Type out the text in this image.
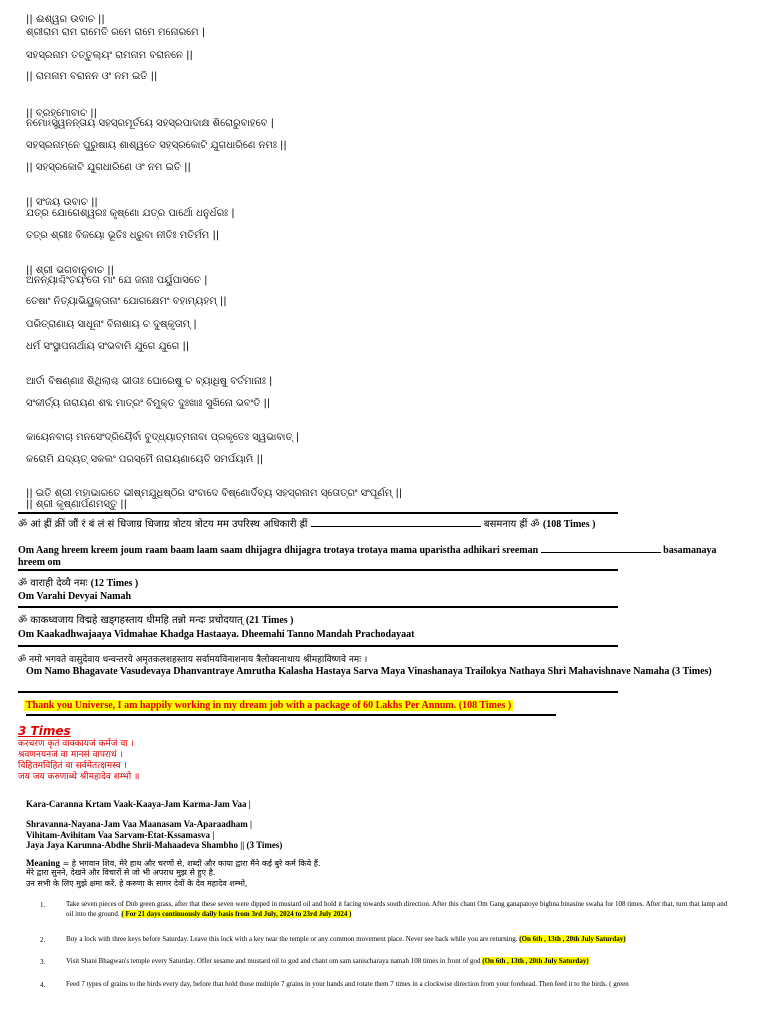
|| ଈଶ୍ୱର ଉବାଚ ||
ଶ୍ରୀରାମ ରାମ ରାମେତି ରମେ ରାମେ ମନୋରମେ |
ସହସ୍ରନାମ ତତ୍ତୁଲ୍ୟଂ ରାମନାମ ବରାନନେ ||
|| ରାମନାମ ବରାନନ ଓଂ ନମ ଇତି ||
|| ବ୍ରହ୍ମୋବାଚ ||
ନମୋଽସ୍ତ୍ୱନନ୍ତାୟ ସହସ୍ରମୂର୍ତୟେ ସହସ୍ରପାଦାକ୍ଷ ଶିରୋରୁବାହବେ |
ସହସ୍ରନାମ୍ନେ ପୁରୁଷାୟ ଶାଶ୍ୱତେ ସହସ୍ରକୋଟି ଯୁଗଧାରିଣେ ନମଃ ||
|| ସହସ୍ରକୋଟି ଯୁଗଧାରିଣେ ଓଂ ନମ ଇତି ||
|| ସଂଜୟ ଉବାଚ ||
ଯତ୍ର ଯୋଗେଶ୍ୱରଃ କୃଷ୍ଣୋ ଯତ୍ର ପାର୍ଥୋ ଧନୁର୍ଧରଃ |
ତତ୍ର ଶ୍ରୀଃ ବିଜୟୋ ଭୂତିଃ ଧ୍ରୁବା ନୀତିଃ ମତିର୍ମମ ||
|| ଶ୍ରୀ ଭଗବାନୁବାଚ ||
ଅନନ୍ୟାଶ୍ଚିଂତୟଂତୋ ମାଂ ଯେ ଜନାଃ ପର୍ୟୁପାସତେ |
ତେଷାଂ ନିତ୍ୟାଭିୟୁକ୍ତାନାଂ ଯୋଗକ୍ଷେମଂ ବହାମ୍ୟହମ୍ ||
ପରିତ୍ରାଣାୟ ସାଧୂନାଂ ବିନାଶାୟ ଚ ଦୁଷ୍କୃତାମ୍ |
ଧର୍ମ ସଂସ୍ଥାପନାର୍ଥାୟ ସଂଭବାମି ଯୁଗେ ଯୁଗେ ||
ଆର୍ତା ବିଷଣ୍ଣାଃ ଶିଥିଲାଶ୍ଚ ଭୀତାଃ ଘୋରେଷୁ ଚ ବ୍ୟାଧିଷୁ ବର୍ତମାନାଃ |
ସଂକୀର୍ତ୍ୟ ନାରାୟଣ ଶବ୍ଦ ମାତ୍ରଂ ବିମୁକ୍ତ ଦୁଃଖାଃ ସୁଖିନୋ ଭବଂତି ||
କାୟେନବାଚା ମନସେଂଦ୍ରିୟୈର୍ବା ବୁଦ୍ଧ୍ୟାତ୍ମନାବା ପ୍ରକୃତେଃ ସ୍ୱଭାବାତ୍ |
କରୋମି ଯଦ୍ୟତ୍ ସକଲଂ ପରସ୍ମୈ ନାରାୟଣାୟେତି ସମର୍ପୟାମି ||
|| ଇତି ଶ୍ରୀ ମହାଭାରତେ ଭୀଷ୍ମଯୁଧିଷ୍ଠିର ସଂବାଦେ ବିଷ୍ଣୋର୍ଦିବ୍ୟ ସହସ୍ରନାମ ସ୍ତୋତ୍ରଂ ସଂପୂର୍ଣମ୍ ||
|| ଶ୍ରୀ କୃଷ୍ଣାର୍ପଣମସ୍ତୁ ||
ॐ आं ह्रीं क्रीं जौं रं बं लं सं धिजाग्र धिजाग्र त्रोटय त्रोटय मम उपरिस्थ अधिकारी ह्रीं	बसमनाय ह्रीं ॐ (108 Times )
Om Aang hreem kreem joum raam baam laam saam dhijagra dhijagra trotaya trotaya mama uparistha adhikari sreeman	basamanaya hreem om
ॐ वाराही देव्यै नमः (12 Times )
Om Varahi Devyai Namah
ॐ काकध्वजाय विद्महे खड्गहस्ताय धीमहि तन्नो मन्दः प्रचोदयात् (21 Times )
Om Kaakadhwajaaya Vidmahae Khadga Hastaaya. Dheemahi Tanno Mandah Prachodayaat
ॐ नमो भगवते वासुदेवाय धन्वन्तरये अमृतकलशहस्ताय सर्वामयविनाशनाय त्रैलोक्यनाथाय श्रीमहाविष्णवे नमः ।
Om Namo Bhagavate Vasudevaya Dhanvantraye Amrutha Kalasha Hastaya Sarva Maya Vinashanaya Trailokya Nathaya Shri Mahavishnave Namaha (3 Times)
Thank you Universe, I am happily working in my dream job with a package of 60 Lakhs Per Annum. (108 Times )
3 Times
करचरण कृतं वाक्कायजं कर्मजं वा ।
श्रवणनयनजं वा मानसं वापराधं ।
विहितमविहितं वा सर्वमेतत्क्षमस्व ।
जय जय करुणाब्धे श्रीमहादेव शम्भो ॥
Kara-Caranna Krtam Vaak-Kaaya-Jam Karma-Jam Vaa |
Shravanna-Nayana-Jam Vaa Maanasam Va-Aparaadham |
Vihitam-Avihitam Vaa Sarvam-Etat-Kssamasva |
Jaya Jaya Karunna-Abdhe Shrii-Mahaadeva Shambho || (3 Times)
Meaning = हे भगवान शिव, मेरे हाथ और चरणों से, शब्दों और काया द्वारा मैंने कई बुरे कर्म किये हैं.
मेरे द्वारा सुनने, देखने और विचारों से जो भी अपराध मुझ से हुए है.
उन सभी के लिए मुझे क्षमा करें. हे करुणा के सागर देवों के देव महादेव शम्भो,
1.	Take seven pieces of Dub green grass, after that these seven were dipped in mustard oil and hold it facing towards south direction. After this chant Om Gang ganapatoye bighna binasine swaha for 108 times. After that, turn that lamp and oil into the ground. ( For 21 days continuously daily basis from 3rd July, 2024 to 23rd July 2024 )
2.	Buy a lock with three keys before Saturday. Leave this lock with a key near the temple or any common movement place. Never see back while you are returning. (On 6th , 13th , 20th July Saturday)
3.	Visit Shani Bhagwan's temple every Saturday. Offer sesame and mustard oil to god and chant om sam sanischaraya namah 108 times in front of god (On 6th , 13th , 20th July Saturday)
4.	Feed 7 types of grains to the birds every day, before that hold those multiple 7 grains in your hands and rotate them 7 times in a clockwise direction from your forehead. Then feed it to the birds. ( green
